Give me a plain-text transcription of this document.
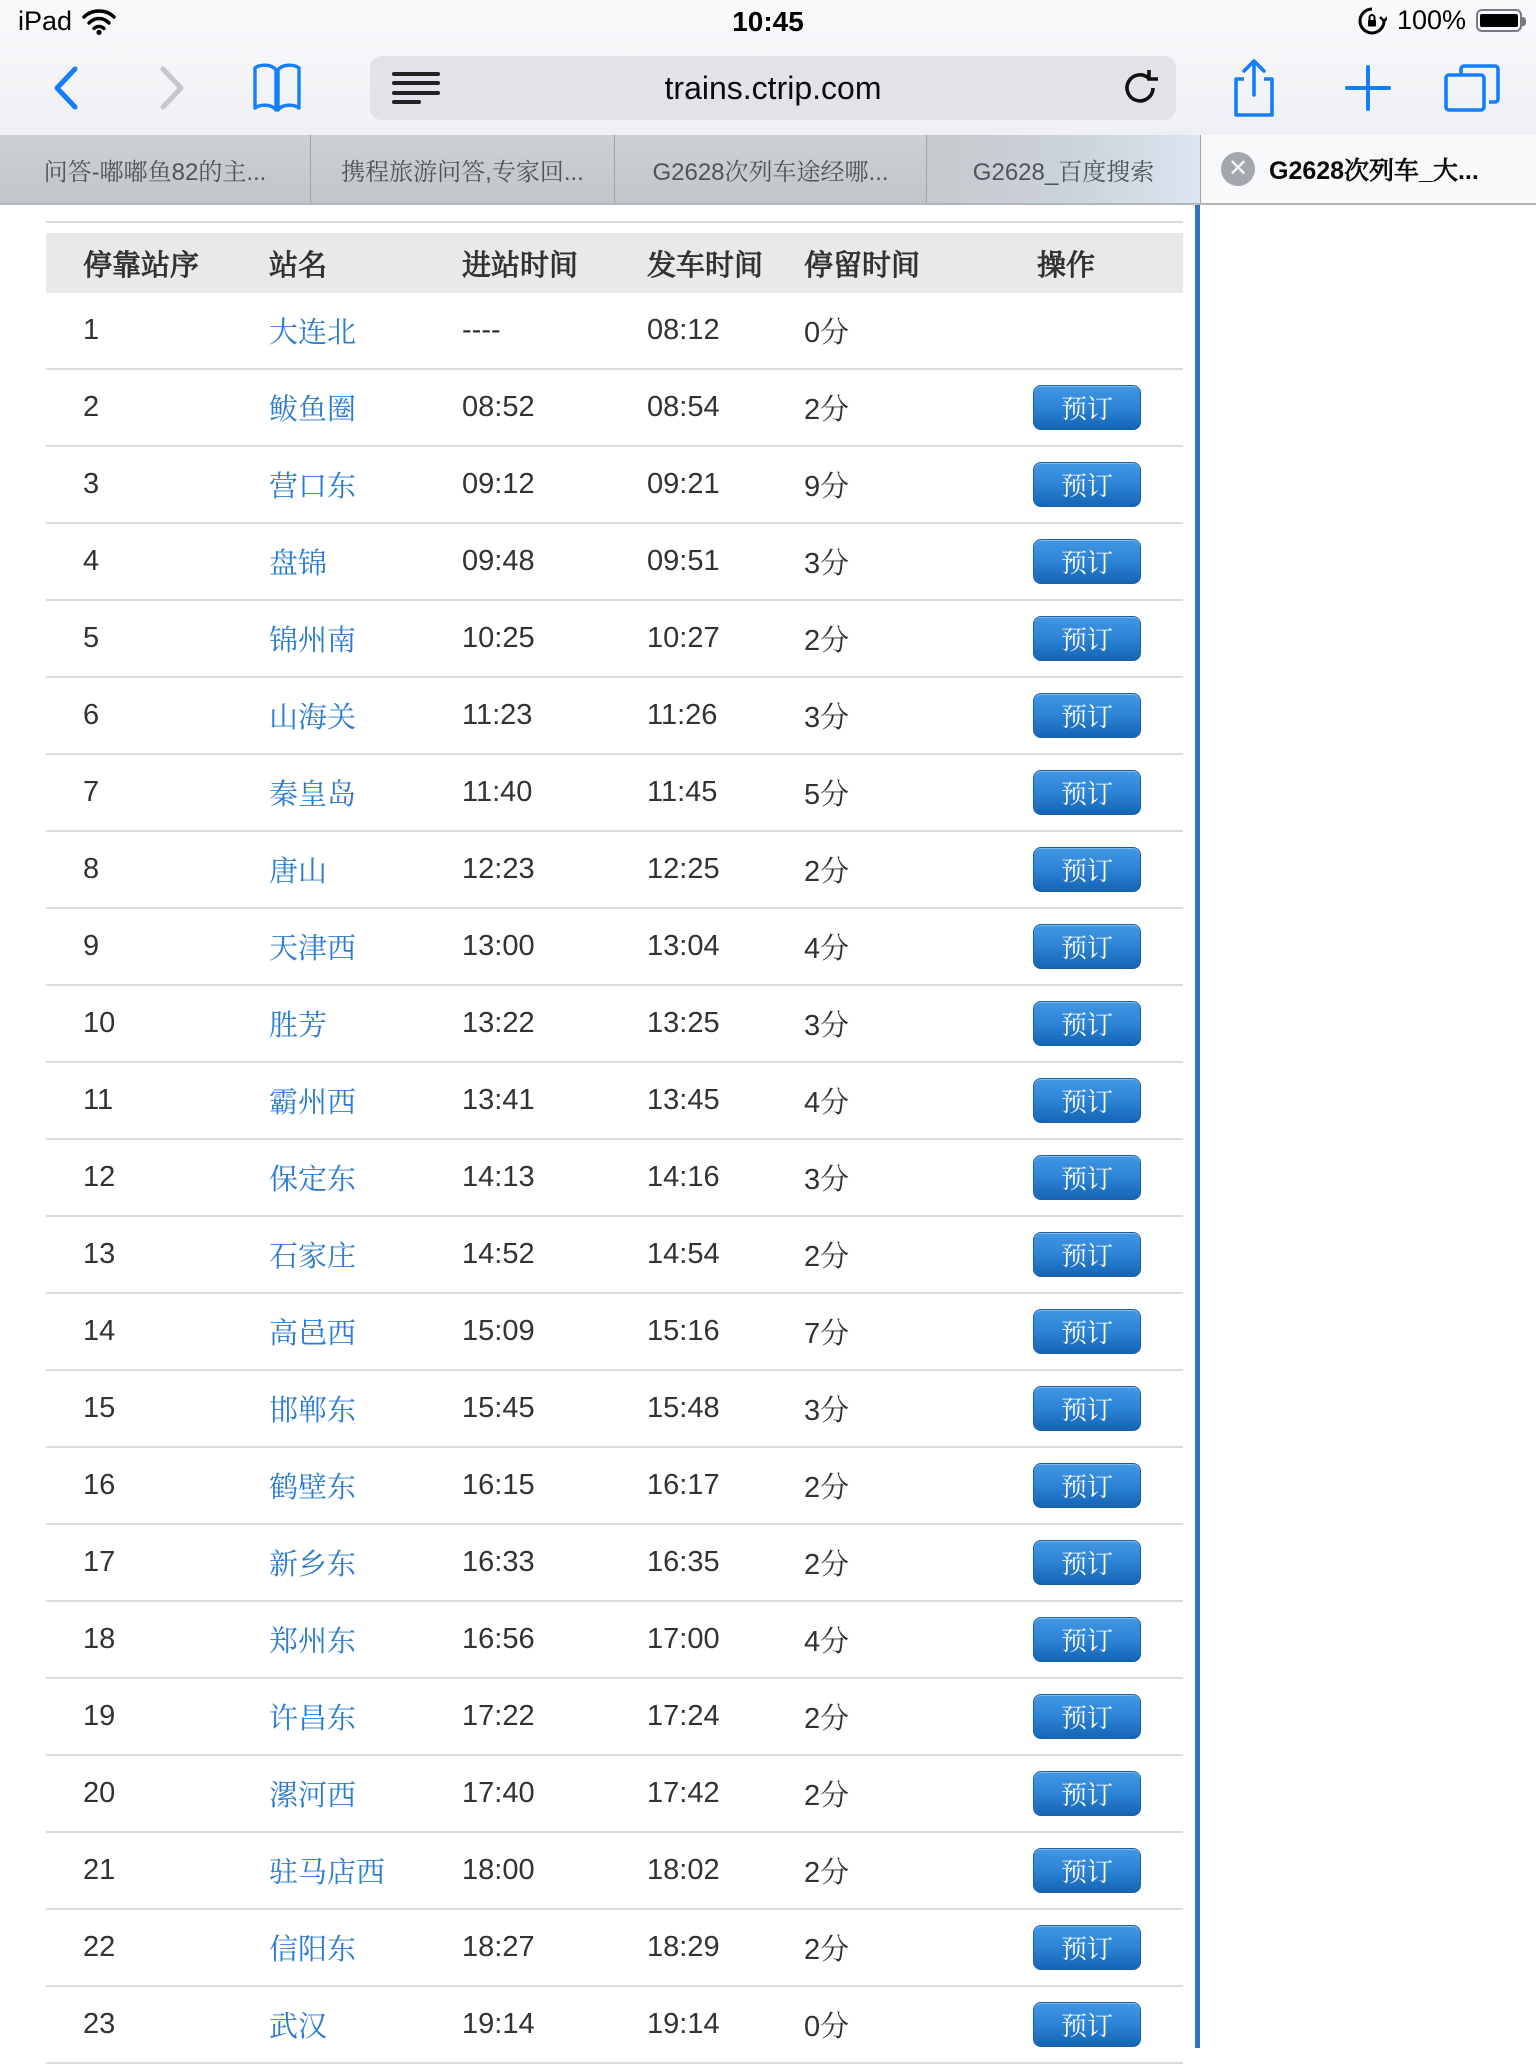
iPad	10:45	100%
trains.ctrip.com
问答-嘟嘟鱼82的主...	携程旅游问答,专家回...	G2628次列车途经哪...	G2628_百度搜索	✕ G2628次列车_大...
停靠站序	站名	进站时间	发车时间	停留时间	操作
1	大连北	----	08:12	0分
2	鲅鱼圈	08:52	08:54	2分	预订
3	营口东	09:12	09:21	9分	预订
4	盘锦	09:48	09:51	3分	预订
5	锦州南	10:25	10:27	2分	预订
6	山海关	11:23	11:26	3分	预订
7	秦皇岛	11:40	11:45	5分	预订
8	唐山	12:23	12:25	2分	预订
9	天津西	13:00	13:04	4分	预订
10	胜芳	13:22	13:25	3分	预订
11	霸州西	13:41	13:45	4分	预订
12	保定东	14:13	14:16	3分	预订
13	石家庄	14:52	14:54	2分	预订
14	高邑西	15:09	15:16	7分	预订
15	邯郸东	15:45	15:48	3分	预订
16	鹤壁东	16:15	16:17	2分	预订
17	新乡东	16:33	16:35	2分	预订
18	郑州东	16:56	17:00	4分	预订
19	许昌东	17:22	17:24	2分	预订
20	漯河西	17:40	17:42	2分	预订
21	驻马店西	18:00	18:02	2分	预订
22	信阳东	18:27	18:29	2分	预订
23	武汉	19:14	19:14	0分	预订
